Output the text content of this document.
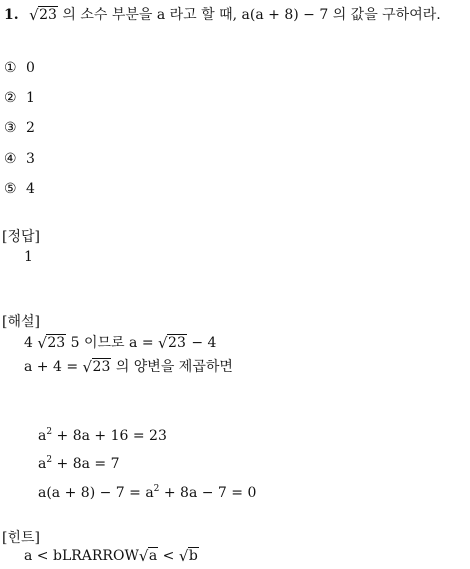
1. √ 23 의 소수 부분을 a 라고 할 때, a(a + 8) − 7 의 값을 구하여라.
① 0
② 1
③ 2
④ 3
⑤ 4
[정답]
1
[해설]
4 √ 23 5 이므로 a = √ 23 − 4
a + 4 = √ 23 의 양변을 제곱하면
$a^2 + 8a + 16 = 23$
$a^2 + 8a = 7$
$a(a + 8) - 7 = a^2 + 8a - 7 = 0$
[힌트]
a < bLRARROW √ a < √ b
